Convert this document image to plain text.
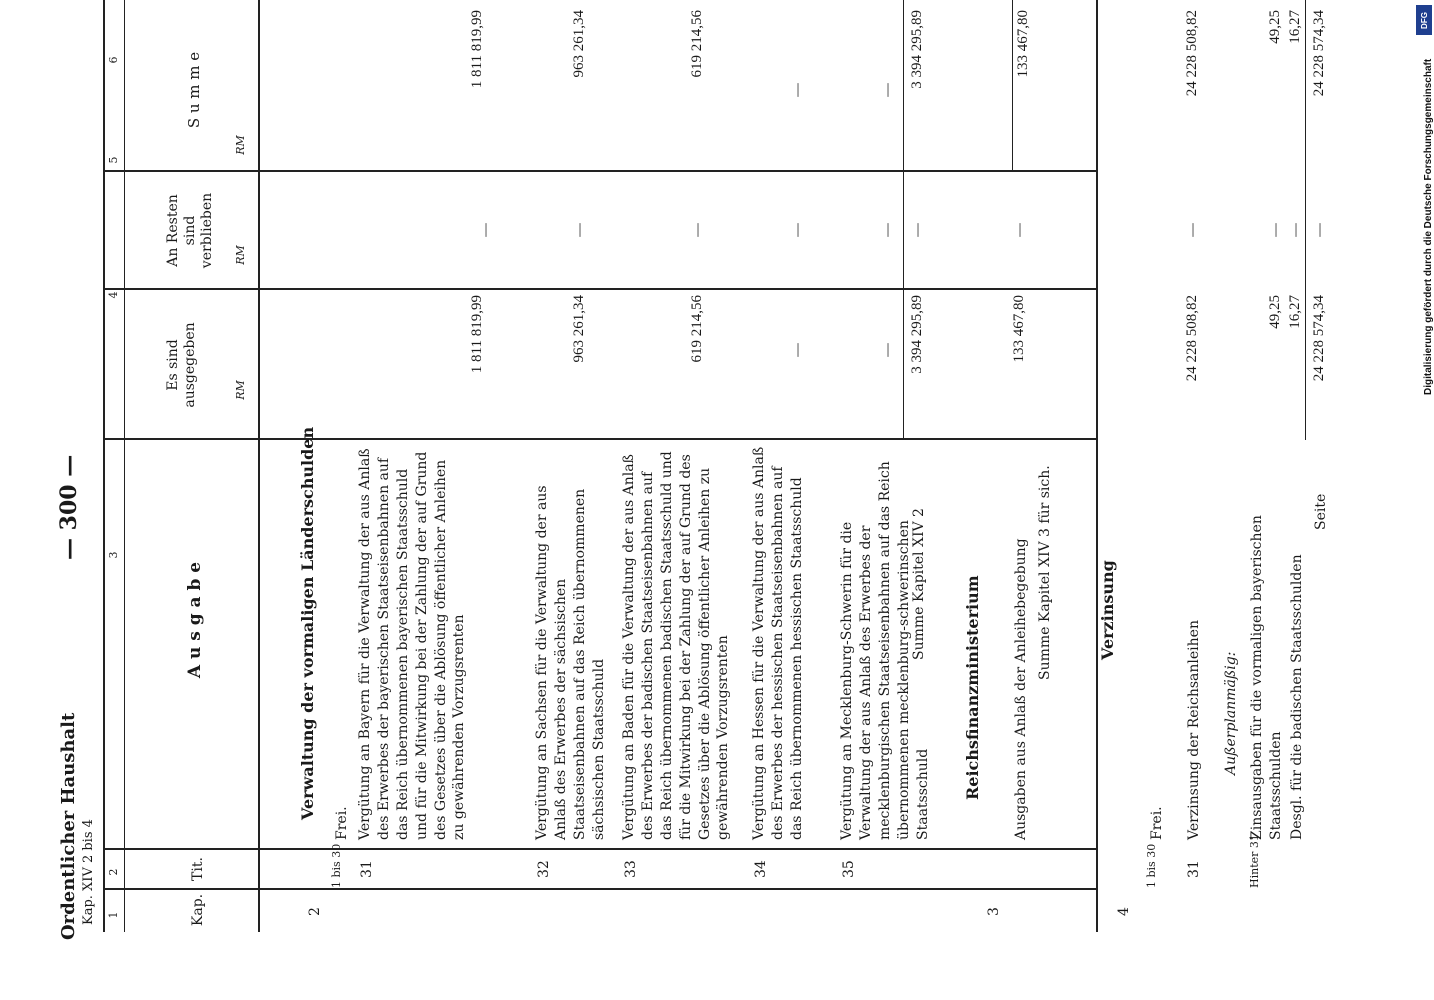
— 300 —
Ordentlicher Haushalt Kap. XIV 2 bis 4 1
2
3
4
5
6
Kap.
Tit.
A u s g a b e
Es sind ausgegeben	RM
An Resten sind verblieben RM
S u m m e
RM
2
Verwaltung der vormaligen Länderschulden
1 bis 30
Frei.
31
Vergütung an Bayern für die Verwaltung der aus Anlaß des Erwerbes der bayerischen Staatseisenbahnen auf das Reich übernommenen bayerischen Staatsschuld und für die Mitwirkung bei der Zahlung der auf Grund des Gesetzes über die Ablösung öffentlicher Anleihen zu gewährenden Vorzugsrenten
1 811 819,99
1 811 819,99
—
32
Vergütung an Sachsen für die Verwaltung der aus Anlaß des Erwerbes der sächsischen Staatseisenbahnen auf das Reich übernommenen sächsischen Staatsschuld
963 261,34
963 261,34
—
33
Vergütung an Baden für die Verwaltung der aus Anlaß des Erwerbes der badischen Staatseisenbahnen auf das Reich übernommenen badischen Staatsschuld und für die Mitwirkung bei der Zahlung der auf Grund des Gesetzes über die Ablösung öffentlicher Anleihen zu gewährenden Vorzugsrenten
619 214,56
619 214,56
—
34
Vergütung an Hessen für die Verwaltung der aus Anlaß des Erwerbes der hessischen Staatseisenbahnen auf das Reich übernommenen hessischen Staatsschuld
—
—
—
35
Vergütung an Mecklenburg-Schwerin für die Verwaltung der aus Anlaß des Erwerbes der mecklenburgischen Staatseisenbahnen auf das Reich übernommenen mecklenburg-schwerinschen Staatsschuld
—
—
—
Summe Kapitel XIV 2
3 394 295,89
3 394 295,89
—
3
Reichsfinanzministerium Ausgaben aus Anlaß der Anleihebegebung
133 467,80
133 467,80
—
Summe Kapitel XIV 3 für sich.
4
Verzinsung
1 bis 30
Frei.
31
Verzinsung der Reichsanleihen
24 228 508,82
24 228 508,82
—
Außerplanmäßig:
Hinter 31
Zinsausgaben für die vormaligen bayerischen Staatsschulden
49,25
49,25
—
Desgl. für die badischen Staatsschulden
16,27
16,27
—
Seite
24 228 574,34
24 228 574,34
—
DFG
Digitalisierung gefördert durch die Deutsche Forschungsgemeinschaft
